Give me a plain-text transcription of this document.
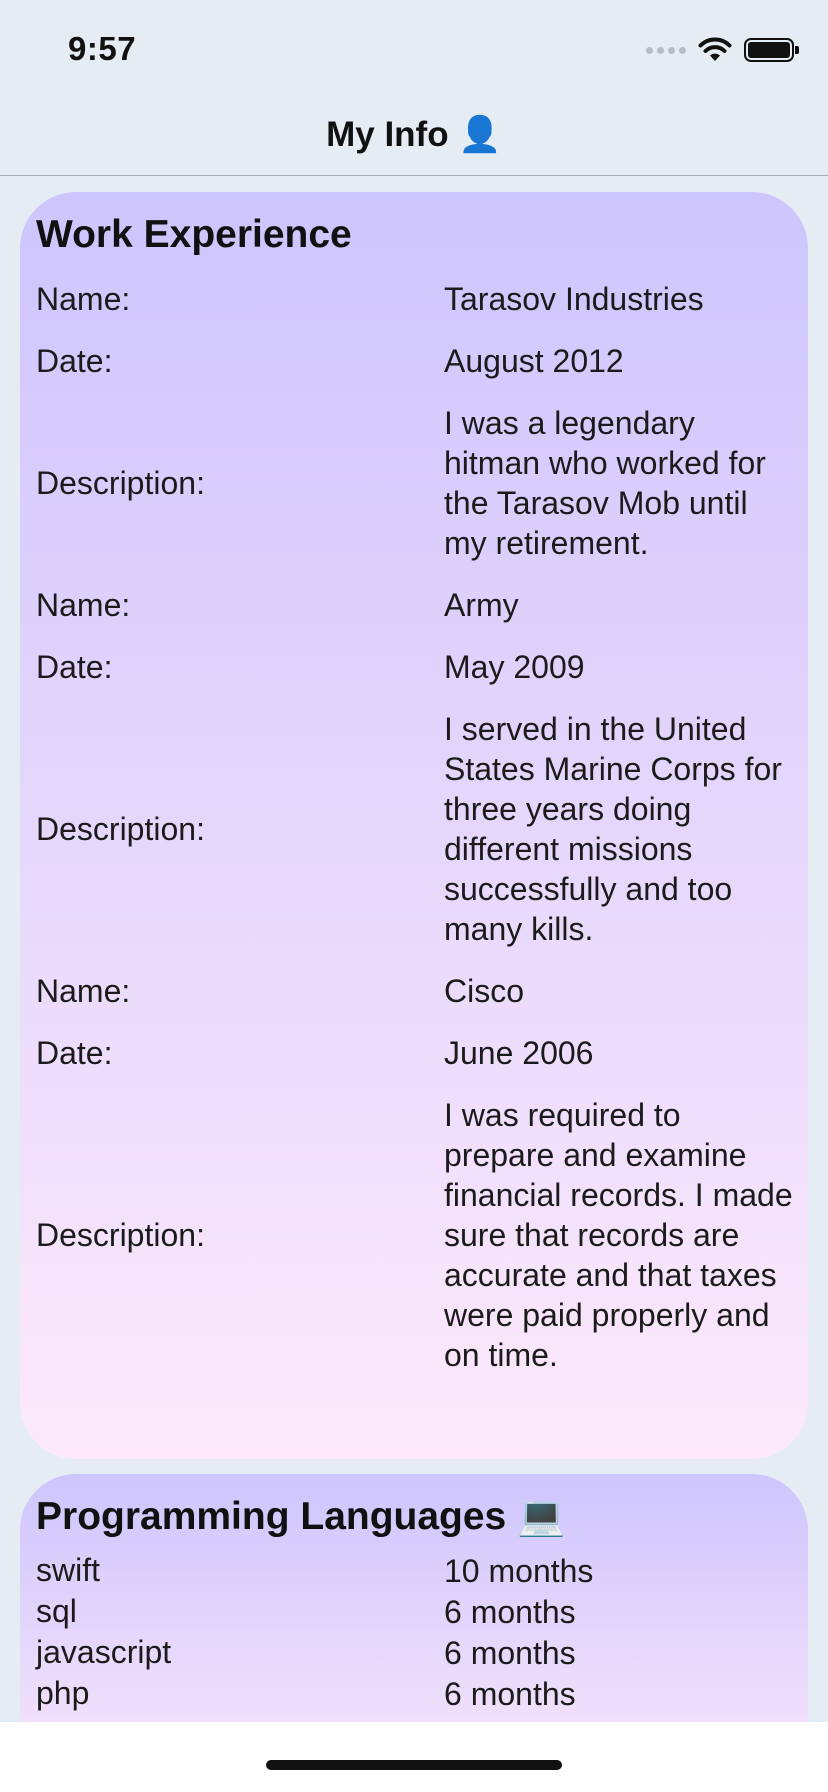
9:57
My Info 👤
Work Experience
Name:	Tarasov Industries
Date:	August 2012
Description:
I was a legendary hitman who worked for the Tarasov Mob until my retirement.
Name:	Army
Date:	May 2009
Description:
I served in the United States Marine Corps for three years doing different missions successfully and too many kills.
Name:	Cisco
Date:	June 2006
Description:
I was required to prepare and examine financial records. I made sure that records are accurate and that taxes were paid properly and on time.
Programming Languages 💻
swift	10 months
sql	6 months
javascript	6 months
php	6 months
